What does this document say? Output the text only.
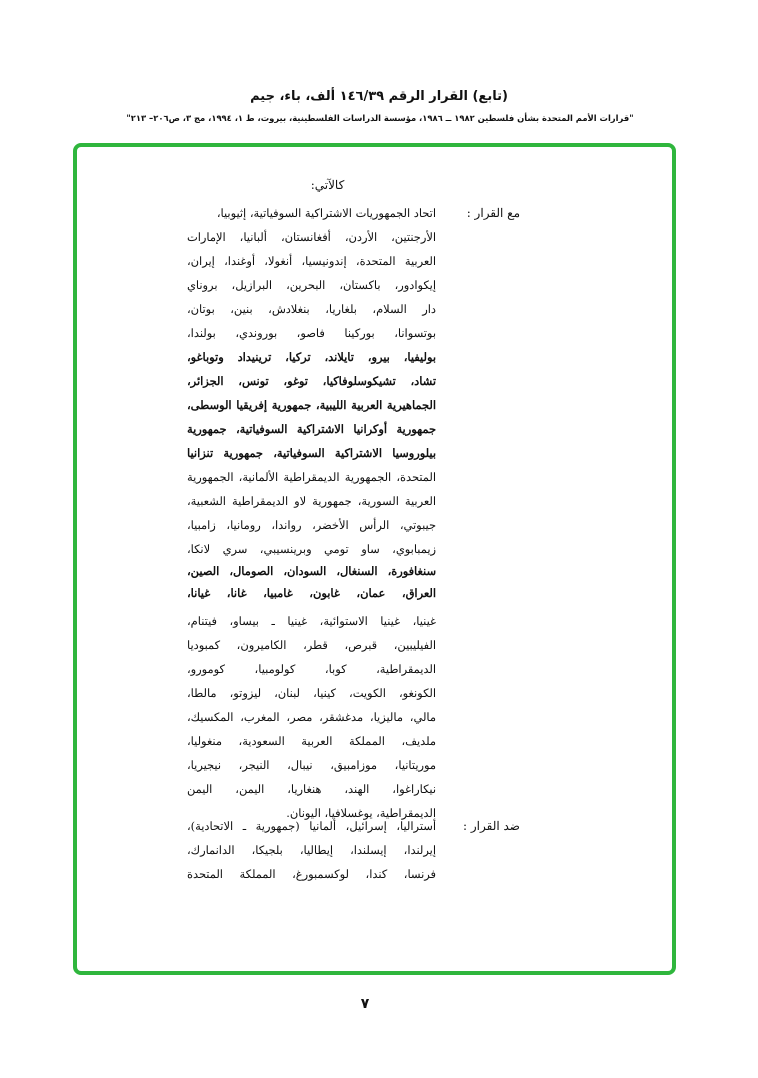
(تابع) القرار الرقم ١٤٦/٣٩ ألف، باء، جيم

"قرارات الأمم المتحدة بشأن فلسطين ١٩٨٢ ــ ١٩٨٦، مؤسسة الدراسات الفلسطينية، بيروت، ط ١، ١٩٩٤، مج ٣، ص٢٠٦– ٢١٣"

كالآتي:

مع القرار :
اتحاد الجمهوريات الاشتراكية السوفياتية، إثيوبيا،
الأرجنتين، الأردن، أفغانستان، ألبانيا، الإمارات
العربية المتحدة، إندونيسيا، أنغولا، أوغندا، إيران،
إيكوادور، باكستان، البحرين، البرازيل، بروناي
دار السلام، بلغاريا، بنغلادش، بنين، بوتان،
بوتسوانا، بوركينا فاصو، بوروندي، بولندا،
بوليفيا، بيرو، تايلاند، تركيا، ترينيداد وتوباغو،
تشاد، تشيكوسلوفاكيا، توغو، تونس، الجزائر،
الجماهيرية العربية الليبية، جمهورية إفريقيا الوسطى،
جمهورية أوكرانيا الاشتراكية السوفياتية، جمهورية
بيلوروسيا الاشتراكية السوفياتية، جمهورية تنزانيا
المتحدة، الجمهورية الديمقراطية الألمانية، الجمهورية
العربية السورية، جمهورية لاو الديمقراطية الشعبية،
جيبوتي، الرأس الأخضر، رواندا، رومانيا، زامبيا،
زيمبابوي، ساو تومي وبرينسيبي، سري لانكا،
سنغافورة، السنغال، السودان، الصومال، الصين،
العراق، عمان، غابون، غامبيا، غانا، غيانا،
غينيا، غينيا الاستوائية، غينيا ـ بيساو، فيتنام،
الفيليبين، قبرص، قطر، الكاميرون، كمبوديا
الديمقراطية، كوبا، كولومبيا، كومورو،
الكونغو، الكويت، كينيا، لبنان، ليزوتو، مالطا،
مالي، ماليزيا، مدغشقر، مصر، المغرب، المكسيك،
ملديف، المملكة العربية السعودية، منغوليا،
موريتانيا، موزامبيق، نيبال، النيجر، نيجيريا،
نيكاراغوا، الهند، هنغاريا، اليمن، اليمن
الديمقراطية، يوغسلافيا، اليونان.
ضد القرار :
أستراليا، إسرائيل، ألمانيا (جمهورية ـ الاتحادية)،
إيرلندا، إيسلندا، إيطاليا، بلجيكا، الدانمارك،
فرنسا، كندا، لوكسمبورغ، المملكة المتحدة
٧
